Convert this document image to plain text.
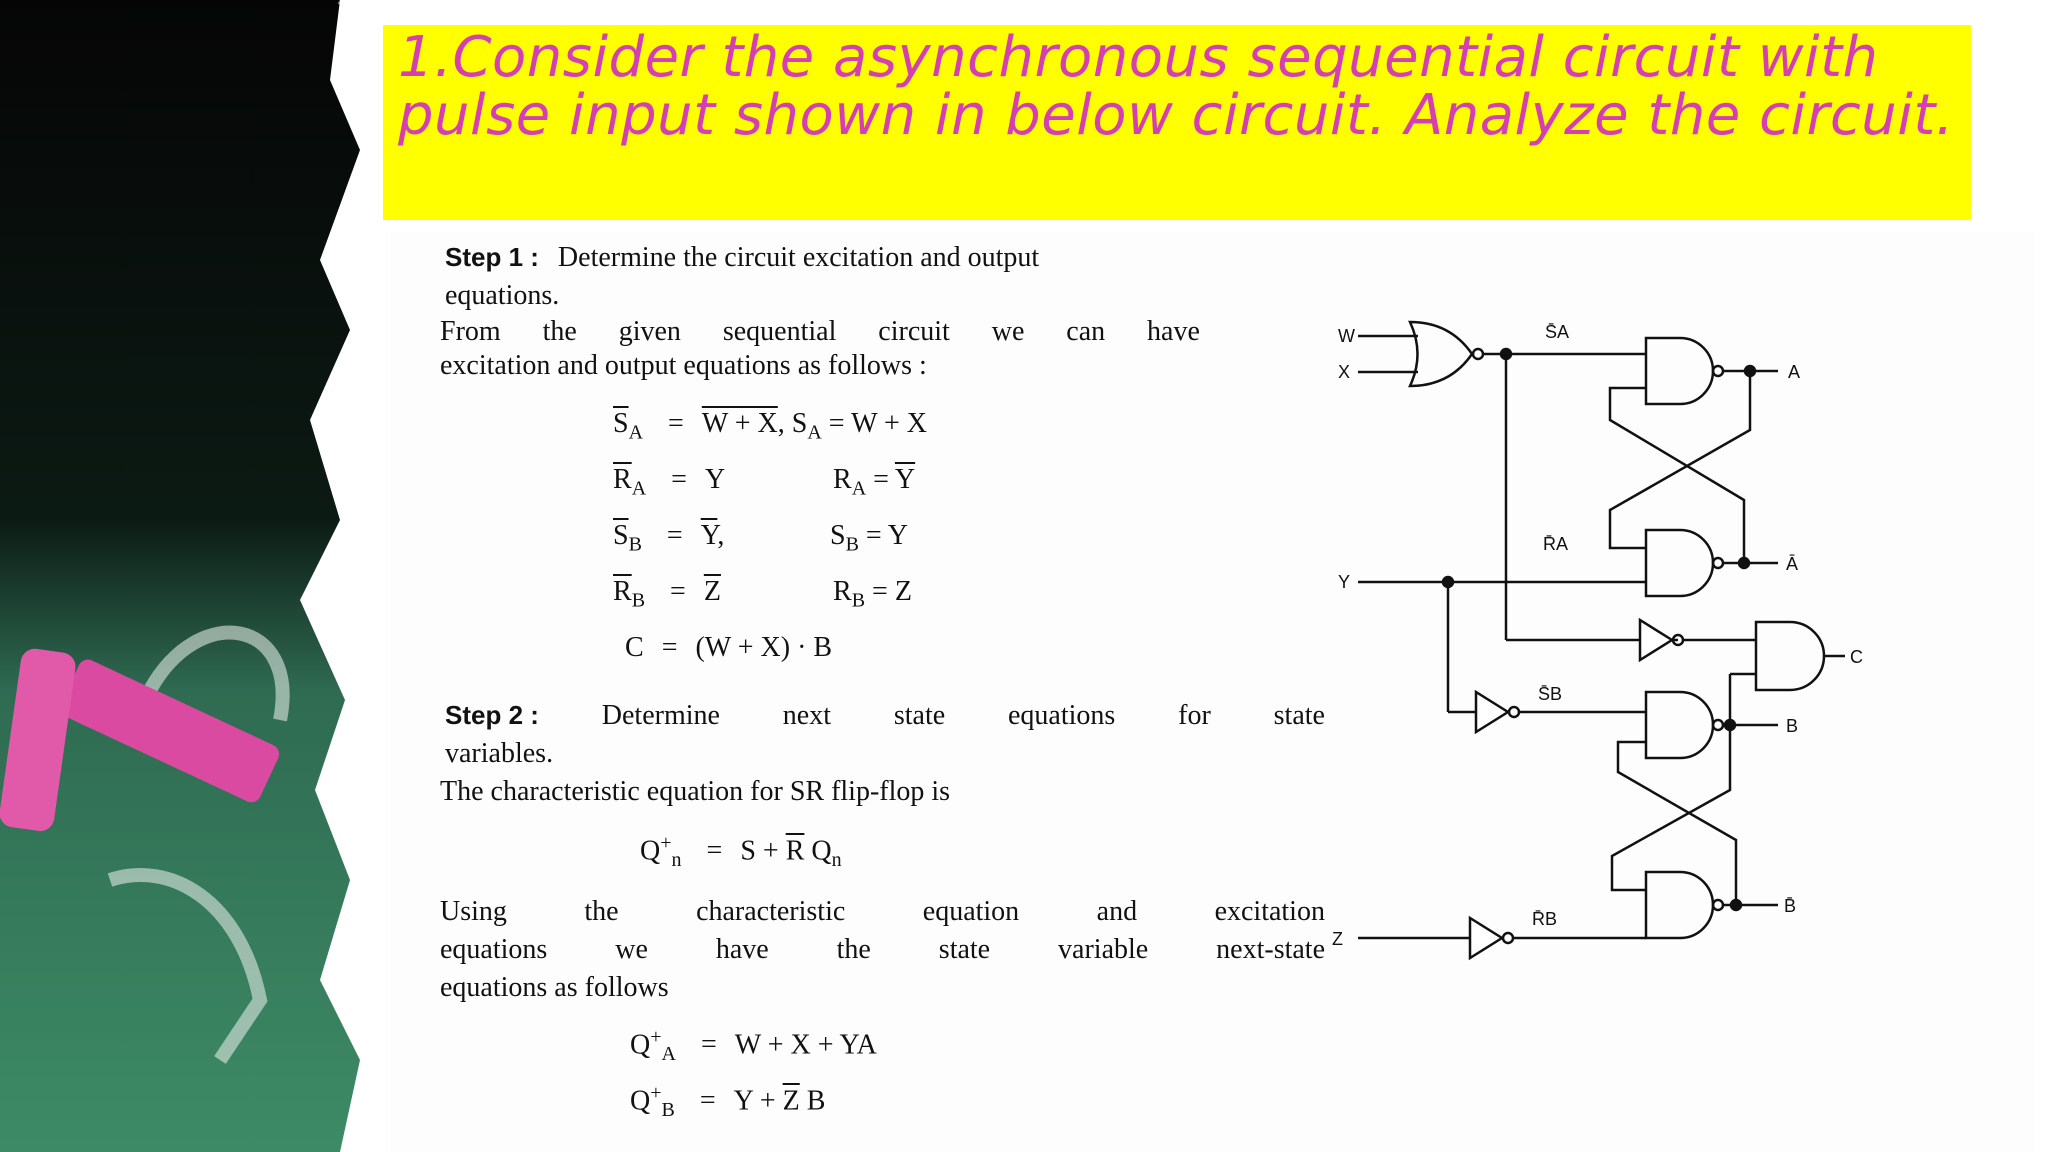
1.Consider the asynchronous sequential circuit with pulse input shown in below circuit. Analyze the circuit.
Step 1 : Determine the circuit excitation and output
equations.
From the given sequential circuit we can have
excitation and output equations as follows :
$\overline{S}_A = W + X$, $S_A = W + X$
$\overline{R}_A = Y$	$R_A = \overline{Y}$
$\overline{S}_B = \overline{Y}$,	$S_B = Y$
$\overline{R}_B = \overline{Z}$	$R_B = Z$
C = (W + X) · B
Step 2 : Determine next state equations for state
variables.
The characteristic equation for SR flip-flop is
$Q^+_n = S + \overline{R}$ $Q_n$
Using	the	characteristic	equation	and	excitation
equations we have the state variable next-state
equations as follows
$Q^+_A = W + X$ + YA
$Q^+_B = Y + \overline{Z}$ B
W
X
Y
Z
A
Ā
C
B
B̄
S̄A
R̄A
S̄B
R̄B
